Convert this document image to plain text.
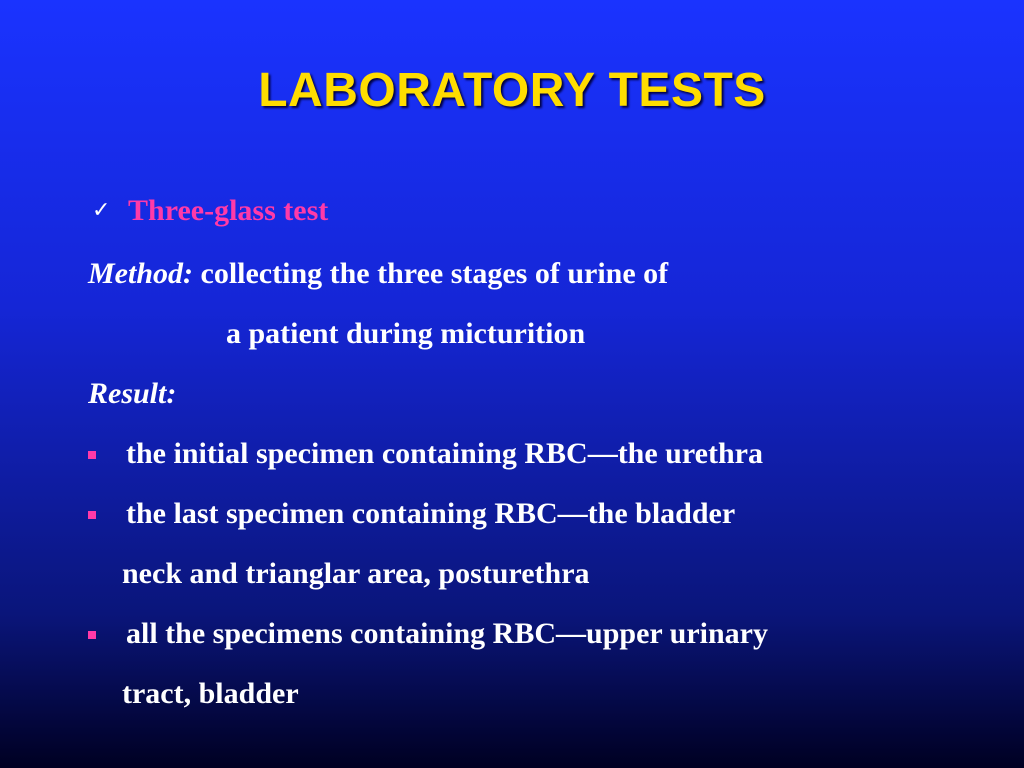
LABORATORY TESTS
✓ Three-glass test
Method: collecting the three stages of urine of
a patient during micturition
Result:
the initial specimen containing RBC—the urethra
the last specimen containing RBC—the bladder
neck and trianglar area, posturethra
all the specimens containing RBC—upper urinary
tract, bladder
